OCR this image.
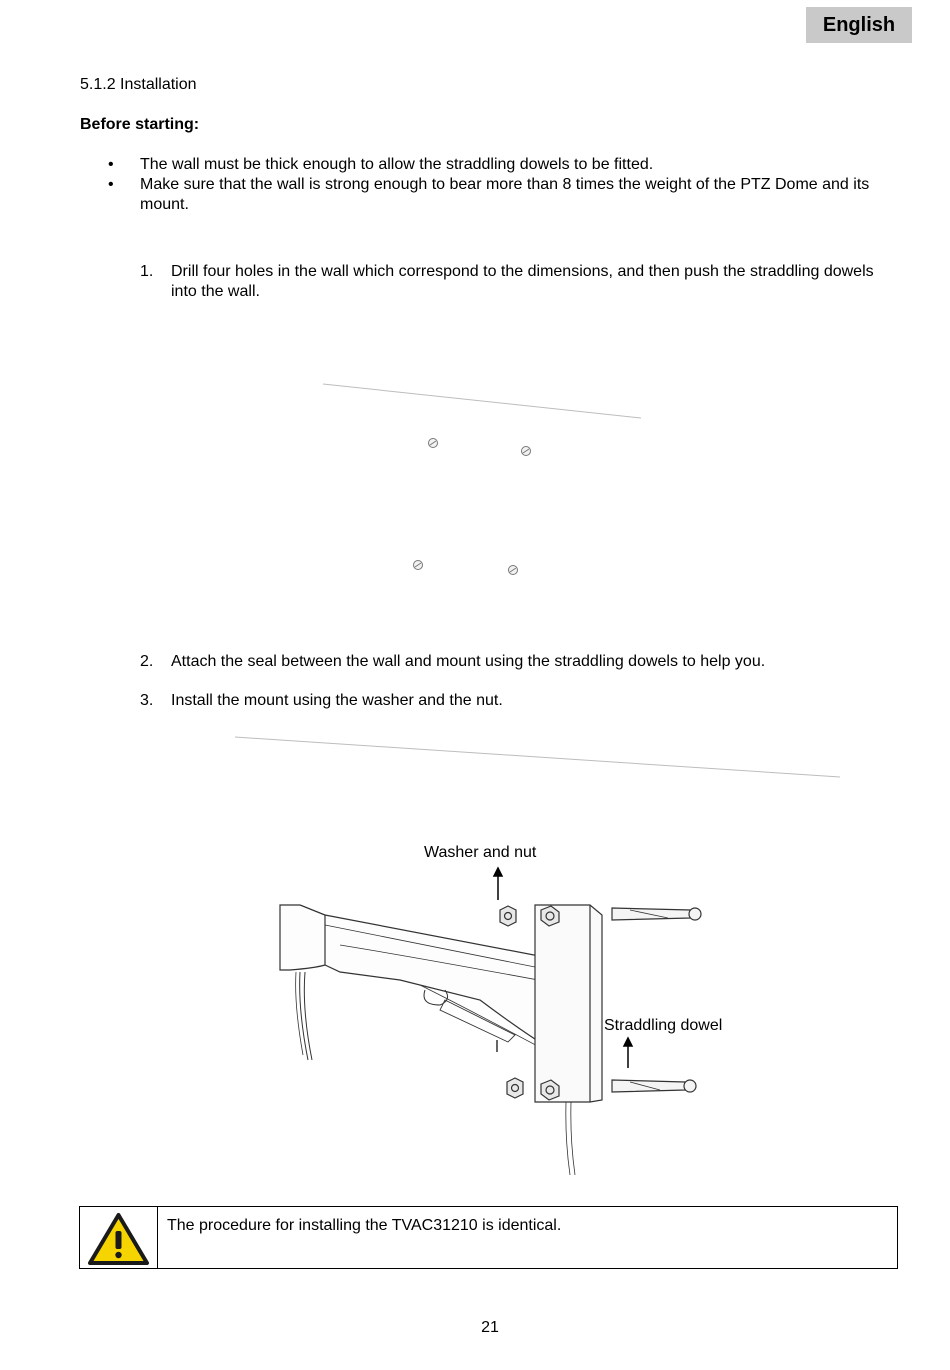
English
5.1.2 Installation
Before starting:
•	The wall must be thick enough to allow the straddling dowels to be fitted.
•	Make sure that the wall is strong enough to bear more than 8 times the weight of the PTZ Dome and its mount.
1.	Drill four holes in the wall which correspond to the dimensions, and then push the straddling dowels into the wall.
2.	Attach the seal between the wall and mount using the straddling dowels to help you.
3.	Install the mount using the washer and the nut.
Washer and nut
Straddling dowel
The procedure for installing the TVAC31210 is identical.
21
